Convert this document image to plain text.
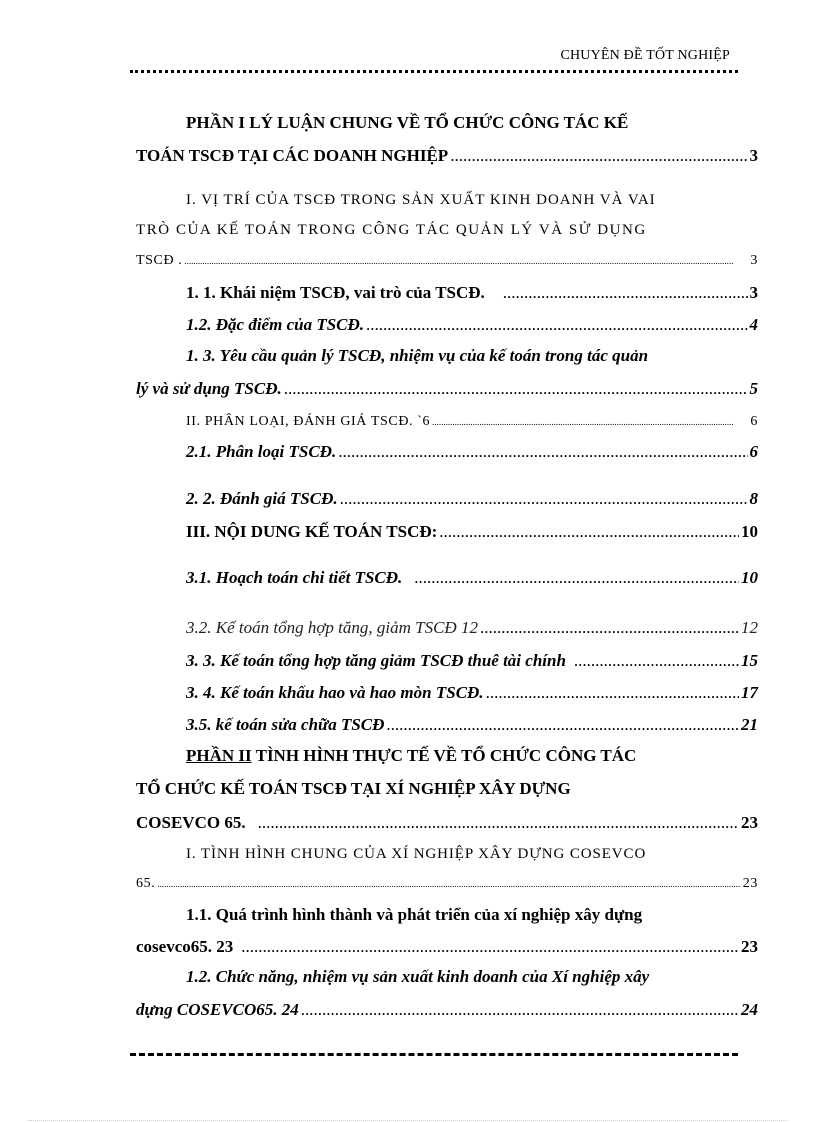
CHUYÊN ĐỀ TỐT NGHIỆP
PHẦN I LÝ LUẬN CHUNG VỀ TỔ CHỨC CÔNG TÁC KẾ
TOÁN TSCĐ TẠI CÁC DOANH NGHIỆP .....	3
I. VỊ TRÍ CỦA TSCĐ TRONG SẢN XUẤT KINH DOANH VÀ VAI
TRÒ CỦA KẾ TOÁN TRONG CÔNG TÁC QUẢN LÝ VÀ SỬ DỤNG
TSCĐ . .....	3
1. 1. Khái niệm TSCĐ, vai trò của TSCĐ. .....	3
1.2. Đặc điểm của TSCĐ. .....	4
1. 3. Yêu cầu quản lý TSCĐ, nhiệm vụ của kế toán trong tác quản
lý và sử dụng TSCĐ. .....	5
II. PHÂN LOẠI, ĐÁNH GIÁ TSCĐ. `6 .....	6
2.1. Phân loại TSCĐ. .....	6
2. 2. Đánh giá TSCĐ. .....	8
III. NỘI DUNG KẾ TOÁN TSCĐ: .....	10
3.1. Hoạch toán chi tiết TSCĐ. .....	10
3.2. Kế toán tổng hợp tăng, giảm TSCĐ 12 .....	12
3. 3. Kế toán tổng hợp tăng giảm TSCĐ thuê tài chính .....	15
3. 4. Kế toán khấu hao và hao mòn TSCĐ. .....	17
3.5. kế toán sửa chữa TSCĐ .....	21
PHẦN II TÌNH HÌNH THỰC TẾ VỀ TỔ CHỨC CÔNG TÁC
TỔ CHỨC KẾ TOÁN TSCĐ TẠI XÍ NGHIỆP XÂY DỰNG
COSEVCO 65. .....	23
I. TÌNH HÌNH CHUNG CỦA XÍ NGHIỆP XÂY DỰNG COSEVCO
65. .....	23
1.1. Quá trình hình thành và phát triển của xí nghiệp xây dựng
cosevco65. 23 .....	23
1.2. Chức năng, nhiệm vụ sản xuất kinh doanh của Xí nghiệp xây
dựng COSEVCO65. 24 .....	24
